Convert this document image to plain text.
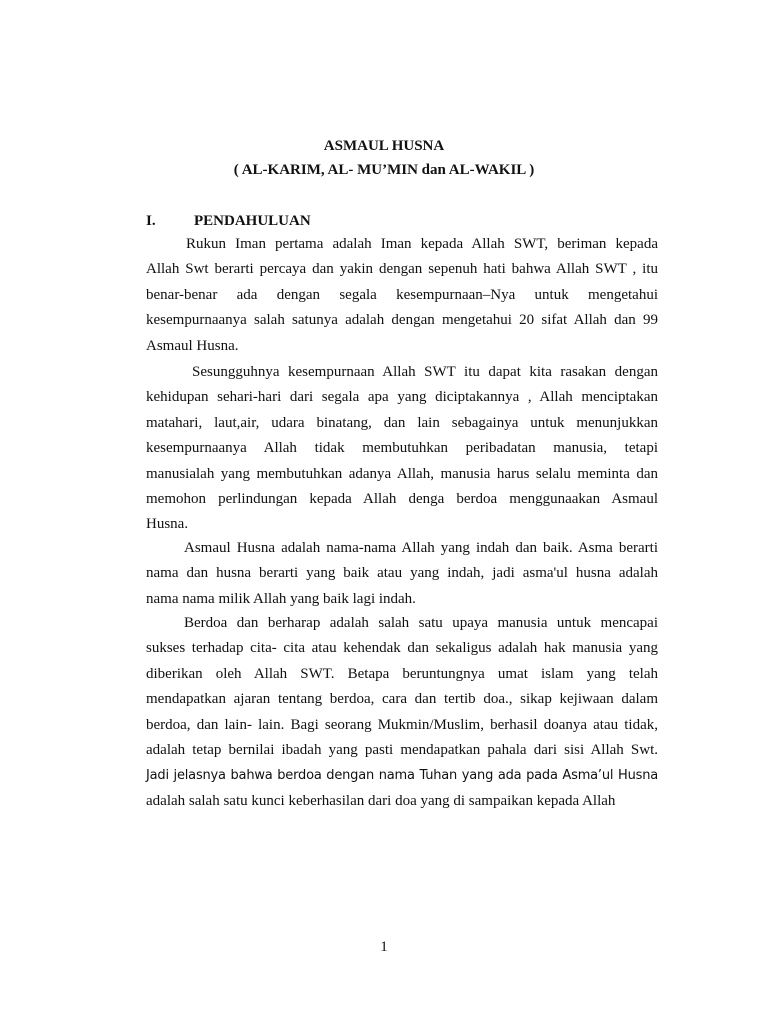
ASMAUL HUSNA
( AL-KARIM, AL- MU’MIN dan AL-WAKIL )
I.	PENDAHULUAN

Rukun Iman pertama adalah Iman kepada Allah SWT, beriman kepada
Allah Swt berarti percaya dan yakin dengan sepenuh hati bahwa Allah SWT , itu
benar-benar ada dengan segala kesempurnaan–Nya untuk mengetahui
kesempurnaanya salah satunya adalah dengan mengetahui 20 sifat Allah dan 99
Asmaul Husna.

Sesungguhnya kesempurnaan Allah SWT itu dapat kita rasakan dengan
kehidupan sehari-hari dari segala apa yang diciptakannya , Allah menciptakan
matahari, laut,air, udara binatang, dan lain sebagainya untuk menunjukkan
kesempurnaanya Allah tidak membutuhkan peribadatan manusia, tetapi
manusialah yang membutuhkan adanya Allah, manusia harus selalu meminta dan
memohon perlindungan kepada Allah denga berdoa menggunaakan Asmaul
Husna.

Asmaul Husna adalah nama-nama Allah yang indah dan baik. Asma berarti
nama dan husna berarti yang baik atau yang indah, jadi asma'ul husna adalah
nama nama milik Allah yang baik lagi indah.

Berdoa dan berharap adalah salah satu upaya manusia untuk mencapai
sukses terhadap cita- cita atau kehendak dan sekaligus adalah hak manusia yang
diberikan oleh Allah SWT. Betapa beruntungnya umat islam yang telah
mendapatkan ajaran tentang berdoa, cara dan tertib doa., sikap kejiwaan dalam
berdoa, dan lain- lain. Bagi seorang Mukmin/Muslim, berhasil doanya atau tidak,
adalah tetap bernilai ibadah yang pasti mendapatkan pahala dari sisi Allah Swt.
Jadi jelasnya bahwa berdoa dengan nama Tuhan yang ada pada Asma’ul Husna
adalah salah satu kunci keberhasilan dari doa yang di sampaikan kepada Allah

1
